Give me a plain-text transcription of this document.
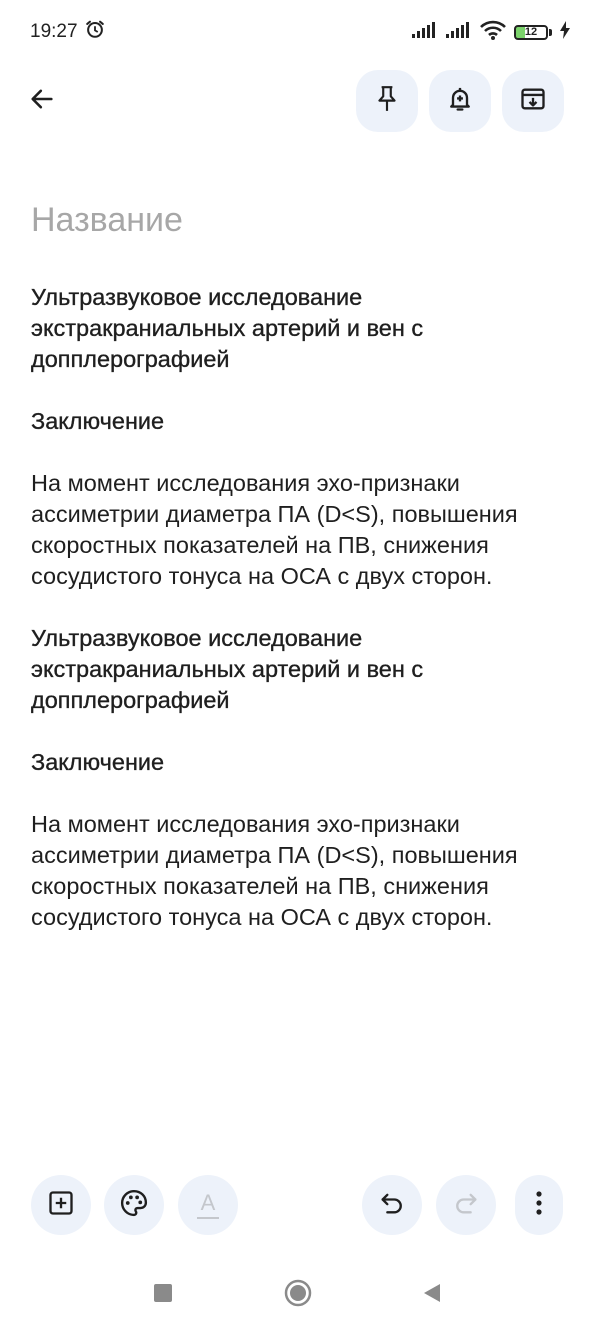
19:27	12
Название
Ультразвуковое исследование экстракраниальных артерий и вен с допплерографией
Заключение
На момент исследования эхо-признаки ассиметрии диаметра ПА (D<S), повышения скоростных показателей на ПВ, снижения сосудистого тонуса на ОСА с двух сторон.
Ультразвуковое исследование экстракраниальных артерий и вен с допплерографией
Заключение
На момент исследования эхо-признаки ассиметрии диаметра ПА (D<S), повышения скоростных показателей на ПВ, снижения сосудистого тонуса на ОСА с двух сторон.
A
